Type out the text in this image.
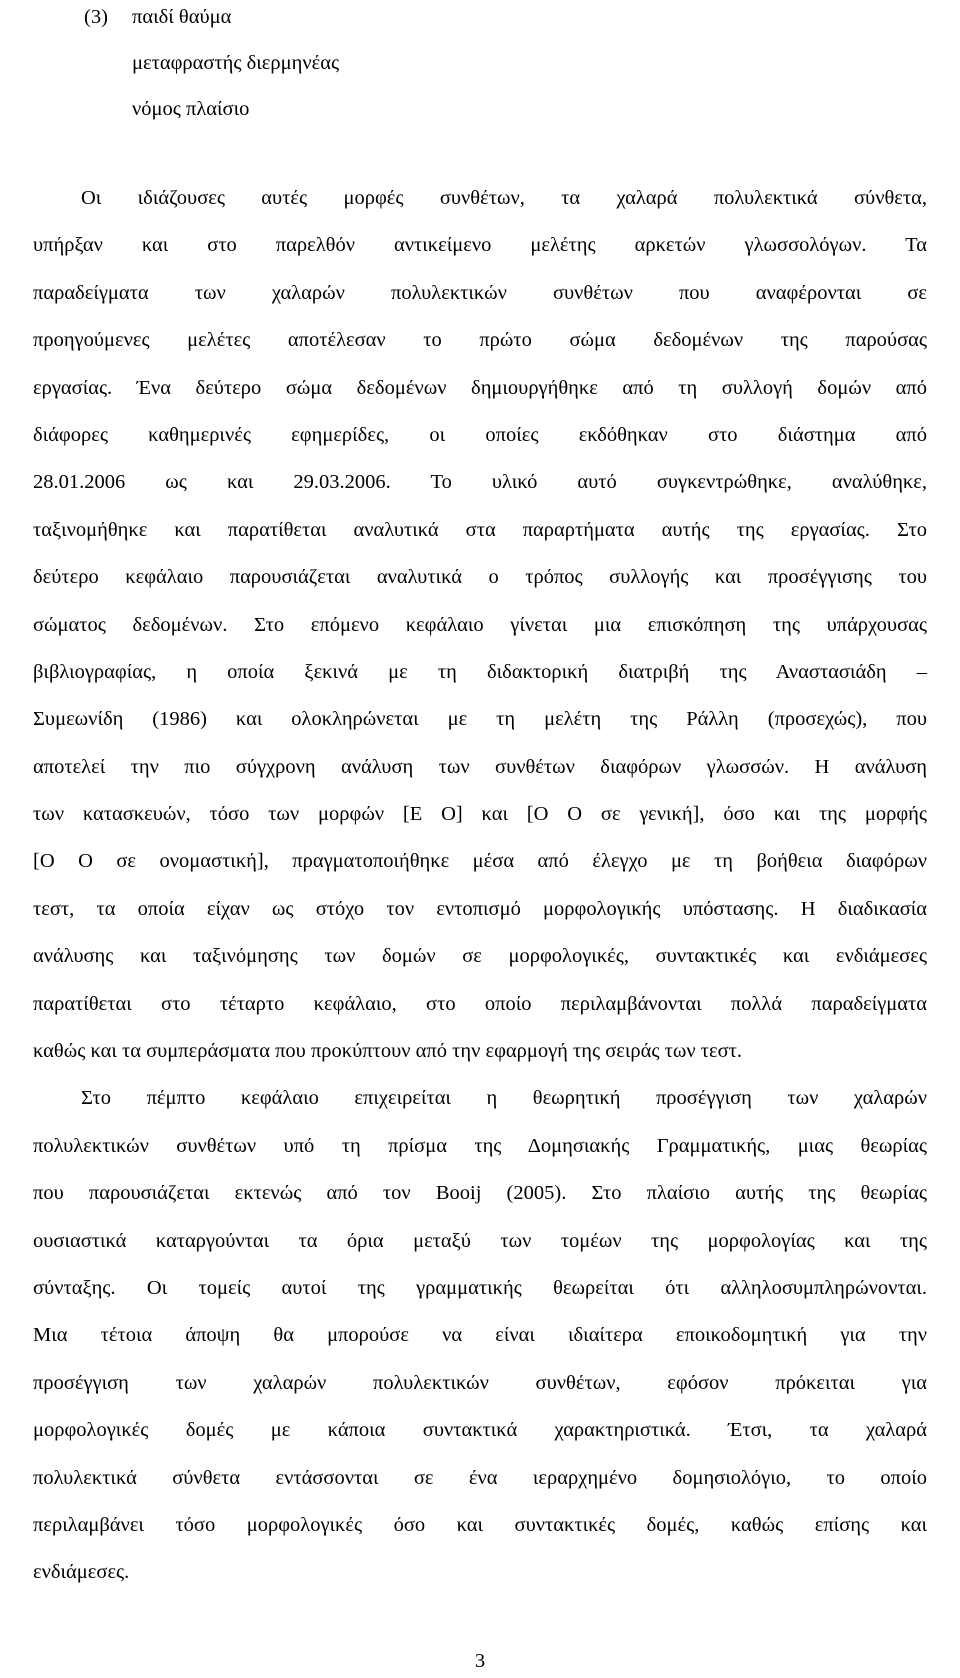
(3) παιδί θαύμα
μεταφραστής διερμηνέας
νόμος πλαίσιο
Οι ιδιάζουσες αυτές μορφές συνθέτων, τα χαλαρά πολυλεκτικά σύνθετα,
υπήρξαν και στο παρελθόν αντικείμενο μελέτης αρκετών γλωσσολόγων. Τα
παραδείγματα των χαλαρών πολυλεκτικών συνθέτων που αναφέρονται σε
προηγούμενες μελέτες αποτέλεσαν το πρώτο σώμα δεδομένων της παρούσας
εργασίας. Ένα δεύτερο σώμα δεδομένων δημιουργήθηκε από τη συλλογή δομών από
διάφορες καθημερινές εφημερίδες, οι οποίες εκδόθηκαν στο διάστημα από
28.01.2006 ως και 29.03.2006. Το υλικό αυτό συγκεντρώθηκε, αναλύθηκε,
ταξινομήθηκε και παρατίθεται αναλυτικά στα παραρτήματα αυτής της εργασίας. Στο
δεύτερο κεφάλαιο παρουσιάζεται αναλυτικά ο τρόπος συλλογής και προσέγγισης του
σώματος δεδομένων. Στο επόμενο κεφάλαιο γίνεται μια επισκόπηση της υπάρχουσας
βιβλιογραφίας, η οποία ξεκινά με τη διδακτορική διατριβή της Αναστασιάδη –
Συμεωνίδη (1986) και ολοκληρώνεται με τη μελέτη της Ράλλη (προσεχώς), που
αποτελεί την πιο σύγχρονη ανάλυση των συνθέτων διαφόρων γλωσσών. Η ανάλυση
των κατασκευών, τόσο των μορφών [Ε Ο] και [Ο Ο σε γενική], όσο και της μορφής
[Ο Ο σε ονομαστική], πραγματοποιήθηκε μέσα από έλεγχο με τη βοήθεια διαφόρων
τεστ, τα οποία είχαν ως στόχο τον εντοπισμό μορφολογικής υπόστασης. Η διαδικασία
ανάλυσης και ταξινόμησης των δομών σε μορφολογικές, συντακτικές και ενδιάμεσες
παρατίθεται στο τέταρτο κεφάλαιο, στο οποίο περιλαμβάνονται πολλά παραδείγματα
καθώς και τα συμπεράσματα που προκύπτουν από την εφαρμογή της σειράς των τεστ.
Στο πέμπτο κεφάλαιο επιχειρείται η θεωρητική προσέγγιση των χαλαρών
πολυλεκτικών συνθέτων υπό τη πρίσμα της Δομησιακής Γραμματικής, μιας θεωρίας
που παρουσιάζεται εκτενώς από τον Booij (2005). Στο πλαίσιο αυτής της θεωρίας
ουσιαστικά καταργούνται τα όρια μεταξύ των τομέων της μορφολογίας και της
σύνταξης. Οι τομείς αυτοί της γραμματικής θεωρείται ότι αλληλοσυμπληρώνονται.
Μια τέτοια άποψη θα μπορούσε να είναι ιδιαίτερα εποικοδομητική για την
προσέγγιση των χαλαρών πολυλεκτικών συνθέτων, εφόσον πρόκειται για
μορφολογικές δομές με κάποια συντακτικά χαρακτηριστικά. Έτσι, τα χαλαρά
πολυλεκτικά σύνθετα εντάσσονται σε ένα ιεραρχημένο δομησιολόγιο, το οποίο
περιλαμβάνει τόσο μορφολογικές όσο και συντακτικές δομές, καθώς επίσης και
ενδιάμεσες.
3
